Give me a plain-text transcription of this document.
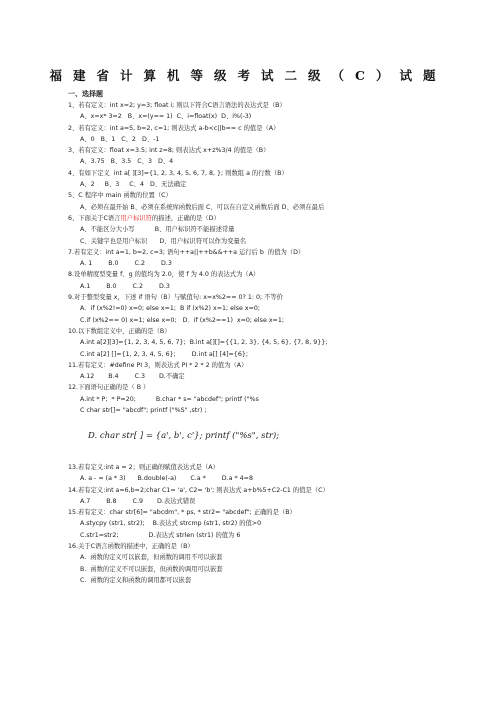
福建省计算机等级考试二级（C）试题
一、选择题
1、若有定义：int x=2; y=3; float i; 则以下符合C语言语法的表达式是（B）
A、x=x* 3=2   B、x=(y== 1)  C、i=float(x)  D、i%(-3)
2、若有定义：int a=5, b=2, c=1; 则表达式 a-b<c||b== c 的值是（A）
A、0   B、1   C、2   D、-1
3、若有定义：float x=3.5; int z=8; 则表达式 x+z%3/4 的值是（B）
A、3.75   B、3.5   C、3   D、4
4、有如下定义  int a[ ][3]={1, 2, 3, 4, 5, 6, 7, 8, }; 则数组 a 的行数（B）
A、2     B、3     C、4   D、无法确定
5、C 程序中 main 函数的位置（C）
A、必须在最开始 B、必须在系统库函数后面 C、可以在自定义函数后面 D、必须在最后
6、下面关于C语言用户标识符的描述，正确的是（D）
A、不能区分大小写          B、用户标识符不能描述常量
C、关键字也是用户标识      D、用户标识符可以作为变量名
7.若有定义：int a=1, b=2, c=3; 语句++a||++b&&++a 运行后 b  的值为（D）
A. 1        B.0        C.2        D.3
8.设单精度型变量 f、g 的值均为 2.0，使 f 为 4.0 的表达式为（A）
A.1        B.0        C.2        D.3
9.对于整型变量 x，下述 if 语句（B）与赋值句: x=x%2== 0? 1: 0; 不等价
A．if (x%2!=0) x=0; else x=1;  B if (x%2) x=1; else x=0;
C.if (x%2== 0) x=1; else x=0;   D．if (x%2==1)  x=0; else x=1;
10.以下数组定义中，正确的是（B）
A.int a[2][3]={1, 2, 3, 4, 5, 6, 7};  B.int a[][]={{1, 2, 3}, {4, 5, 6}, {7, 8, 9}};
C.int a[2] []={1, 2, 3, 4, 5, 6};        D.int a[] [4]={6};
11.若有定义：#define PI 3，则表达式 PI * 2 * 2 的值为（A）
A.12       B.4        C.3       D.不确定
12.下面语句正确的是（ B ）
A.int * P;  * P=20;          B.char * s= "abcdef"; printf ("%s

C char str[]= "abcdf"; printf ("%S" ,str) ;
D. char str[ ] = {a', b', c'}; printf ("%s", str);
13.若有定义:int a = 2；则正确的赋值表达式是（A）
A. a - = (a * 3)      B.double(-a)       C.a *        D.a * 4=8
14.若有定义:int a=6,b=2;char C1= 'a', C2= 'b'; 则表达式 a+b%5+C2-C1 的值是（C）
A.7        B.8        C.9       D.表达式错误
15.若有定义：char str[6]= "abcdm", * ps, * str2= "abcdef"; 正确的是（B）
A.stycpy (str1, str2);    B.表达式 strcmp (str1, str2) 的值>0
C.str1=str2;               D.表达式 strlen (str1) 的值为 6
16.关于C语言函数的描述中，正确的是（B）
A.  函数的定义可以嵌套，但函数的调用不可以嵌套
B.  函数的定义不可以嵌套，但函数的调用可以嵌套
C.  函数的定义和函数的调用都可以嵌套
